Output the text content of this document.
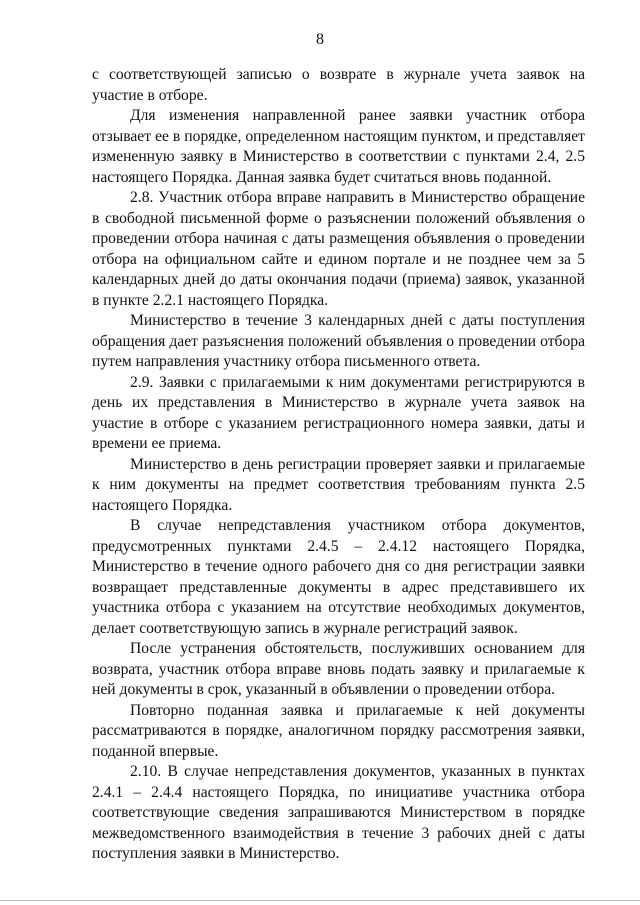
8

с соответствующей записью о возврате в журнале учета заявок на участие в отборе.

Для изменения направленной ранее заявки участник отбора отзывает ее в порядке, определенном настоящим пунктом, и представляет измененную заявку в Министерство в соответствии с пунктами 2.4, 2.5 настоящего Порядка. Данная заявка будет считаться вновь поданной.

2.8. Участник отбора вправе направить в Министерство обращение в свободной письменной форме о разъяснении положений объявления о проведении отбора начиная с даты размещения объявления о проведении отбора на официальном сайте и едином портале и не позднее чем за 5 календарных дней до даты окончания подачи (приема) заявок, указанной в пункте 2.2.1 настоящего Порядка.

Министерство в течение 3 календарных дней с даты поступления обращения дает разъяснения положений объявления о проведении отбора путем направления участнику отбора письменного ответа.

2.9. Заявки с прилагаемыми к ним документами регистрируются в день их представления в Министерство в журнале учета заявок на участие в отборе с указанием регистрационного номера заявки, даты и времени ее приема.

Министерство в день регистрации проверяет заявки и прилагаемые к ним документы на предмет соответствия требованиям пункта 2.5 настоящего Порядка.

В случае непредставления участником отбора документов, предусмотренных пунктами 2.4.5 – 2.4.12 настоящего Порядка, Министерство в течение одного рабочего дня со дня регистрации заявки возвращает представленные документы в адрес представившего их участника отбора с указанием на отсутствие необходимых документов, делает соответствующую запись в журнале регистраций заявок.

После устранения обстоятельств, послуживших основанием для возврата, участник отбора вправе вновь подать заявку и прилагаемые к ней документы в срок, указанный в объявлении о проведении отбора.

Повторно поданная заявка и прилагаемые к ней документы рассматриваются в порядке, аналогичном порядку рассмотрения заявки, поданной впервые.

2.10. В случае непредставления документов, указанных в пунктах 2.4.1 – 2.4.4 настоящего Порядка, по инициативе участника отбора соответствующие сведения запрашиваются Министерством в порядке межведомственного взаимодействия в течение 3 рабочих дней с даты поступления заявки в Министерство.
